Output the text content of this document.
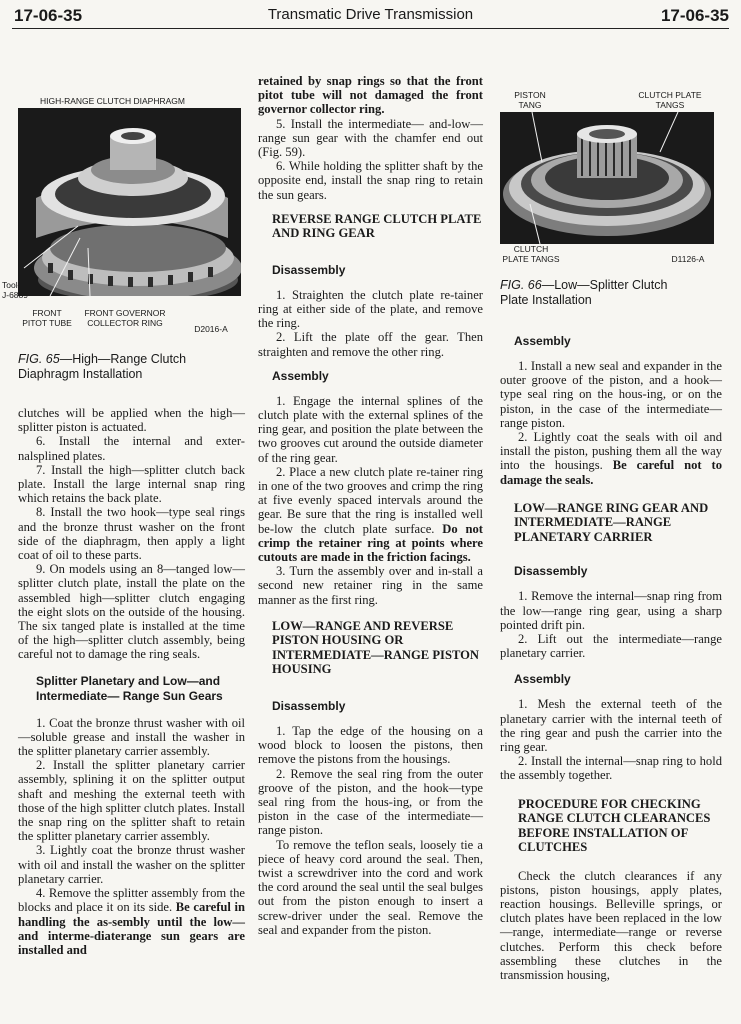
17-06-35	Transmatic Drive Transmission	17-06-35
HIGH-RANGE CLUTCH DIAPHRAGM
Tool—
J-6889
FRONT
PITOT TUBE
FRONT GOVERNOR
COLLECTOR RING
D2016-A
FIG. 65—High—Range Clutch
Diaphragm Installation

clutches will be applied when the high—splitter piston is actuated.

6. Install the internal and exter-nalsplined plates.

7. Install the high—splitter clutch back plate. Install the large internal snap ring which retains the back plate.

8. Install the two hook—type seal rings and the bronze thrust washer on the front side of the diaphragm, then apply a light coat of oil to these parts.

9. On models using an 8—tanged low—splitter clutch plate, install the plate on the assembled high—splitter clutch engaging the eight slots on the outside of the housing. The six tanged plate is installed at the time of the high—splitter clutch assembly, being careful not to damage the ring seals.

Splitter Planetary and Low—and Intermediate— Range Sun Gears

1. Coat the bronze thrust washer with oil—soluble grease and install the washer in the splitter planetary carrier assembly.

2. Install the splitter planetary carrier assembly, splining it on the splitter output shaft and meshing the external teeth with those of the high splitter clutch plates. Install the snap ring on the splitter shaft to retain the splitter planetary carrier assembly.

3. Lightly coat the bronze thrust washer with oil and install the washer on the splitter planetary carrier.

4. Remove the splitter assembly from the blocks and place it on its side. Be careful in handling the as-sembly until the low— and interme-diaterange sun gears are installed and

retained by snap rings so that the front pitot tube will not damaged the front governor collector ring.

5. Install the intermediate— and-low—range sun gear with the chamfer end out (Fig. 59).

6. While holding the splitter shaft by the opposite end, install the snap ring to retain the sun gears.

REVERSE RANGE CLUTCH PLATE AND RING GEAR
Disassembly

1. Straighten the clutch plate re-tainer ring at either side of the plate, and remove the ring.

2. Lift the plate off the gear. Then straighten and remove the other ring.

Assembly

1. Engage the internal splines of the clutch plate with the external splines of the ring gear, and position the plate between the two grooves cut around the outside diameter of the ring gear.

2. Place a new clutch plate re-tainer ring in one of the two grooves and crimp the ring at five evenly spaced intervals around the gear. Be sure that the ring is installed well be-low the clutch plate surface. Do not crimp the retainer ring at points where cutouts are made in the friction facings.

3. Turn the assembly over and in-stall a second new retainer ring in the same manner as the first ring.

LOW—RANGE AND REVERSE PISTON HOUSING OR INTERMEDIATE—RANGE PISTON HOUSING
Disassembly

1. Tap the edge of the housing on a wood block to loosen the pistons, then remove the pistons from the housings.

2. Remove the seal ring from the outer groove of the piston, and the hook—type seal ring from the hous-ing, or from the piston in the case of the intermediate—range piston.

To remove the teflon seals, loosely tie a piece of heavy cord around the seal. Then, twist a screwdriver into the cord and work the cord around the seal until the seal bulges out from the piston enough to insert a screw-driver under the seal. Remove the seal and expander from the piston.

PISTON
TANG
CLUTCH PLATE
TANGS
CLUTCH
PLATE TANGS	D1126-A
FIG. 66—Low—Splitter Clutch
Plate Installation
Assembly

1. Install a new seal and expander in the outer groove of the piston, and a hook—type seal ring on the hous-ing, or on the piston, in the case of the intermediate—range piston.

2. Lightly coat the seals with oil and install the piston, pushing them all the way into the housings. Be careful not to damage the seals.

LOW—RANGE RING GEAR AND INTERMEDIATE—RANGE PLANETARY CARRIER
Disassembly

1. Remove the internal—snap ring from the low—range ring gear, using a sharp pointed drift pin.

2. Lift out the intermediate—range planetary carrier.

Assembly

1. Mesh the external teeth of the planetary carrier with the internal teeth of the ring gear and push the carrier into the ring gear.

2. Install the internal—snap ring to hold the assembly together.

PROCEDURE FOR CHECKING RANGE CLUTCH CLEARANCES BEFORE INSTALLATION OF CLUTCHES

Check the clutch clearances if any pistons, piston housings, apply plates, reaction housings. Belleville springs, or clutch plates have been replaced in the low—range, intermediate—range or reverse clutches. Perform this check before assembling these clutches in the transmission housing,
